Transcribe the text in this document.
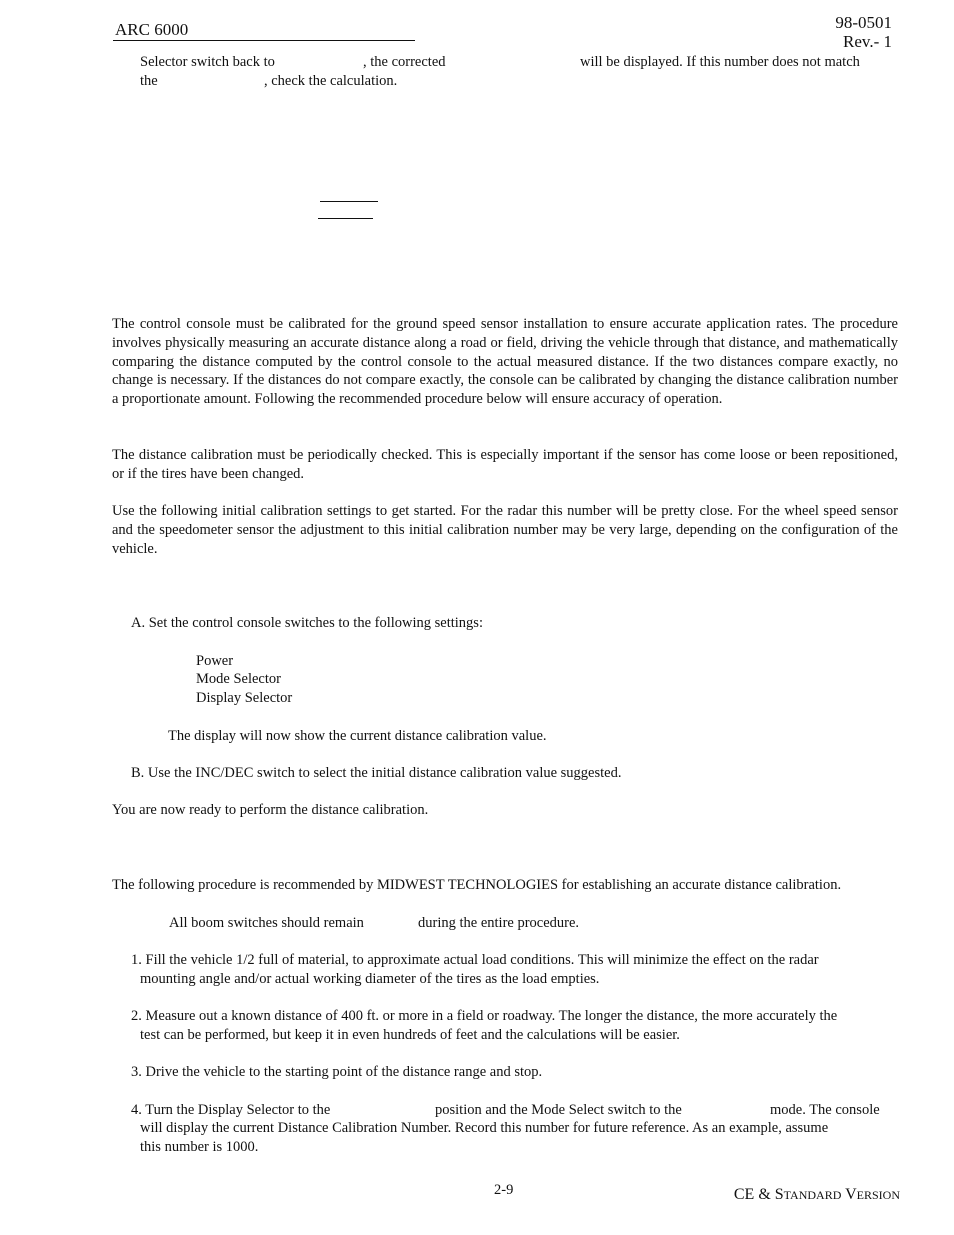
ARC 6000	98-0501
Rev.- 1
Selector switch back to	, the corrected	will be displayed. If this number does not match
the	, check the calculation.
The control console must be calibrated for the ground speed sensor installation to ensure accurate application rates. The procedure involves physically measuring an accurate distance along a road or field, driving the vehicle through that distance, and mathematically comparing the distance computed by the control console to the actual measured distance. If the two distances compare exactly, no change is necessary. If the distances do not compare exactly, the console can be calibrated by changing the distance calibration number a proportionate amount. Following the recommended procedure below will ensure accuracy of operation.
The distance calibration must be periodically checked. This is especially important if the sensor has come loose or been repositioned, or if the tires have been changed.
Use the following initial calibration settings to get started. For the radar this number will be pretty close. For the wheel speed sensor and the speedometer sensor the adjustment to this initial calibration number may be very large, depending on the configuration of the vehicle.
A. Set the control console switches to the following settings:
Power
Mode Selector
Display Selector
The display will now show the current distance calibration value.
B. Use the INC/DEC switch to select the initial distance calibration value suggested.
You are now ready to perform the distance calibration.
The following procedure is recommended by MIDWEST TECHNOLOGIES for establishing an accurate distance calibration.
All boom switches should remain	during the entire procedure.
1. Fill the vehicle 1/2 full of material, to approximate actual load conditions. This will minimize the effect on the radar
mounting angle and/or actual working diameter of the tires as the load empties.
2. Measure out a known distance of 400 ft. or more in a field or roadway. The longer the distance, the more accurately the
test can be performed, but keep it in even hundreds of feet and the calculations will be easier.
3. Drive the vehicle to the starting point of the distance range and stop.
4. Turn the Display Selector to the	position and the Mode Select switch to the	mode. The console
will display the current Distance Calibration Number. Record this number for future reference. As an example, assume
this number is 1000.
2-9	CE & STANDARD VERSION
